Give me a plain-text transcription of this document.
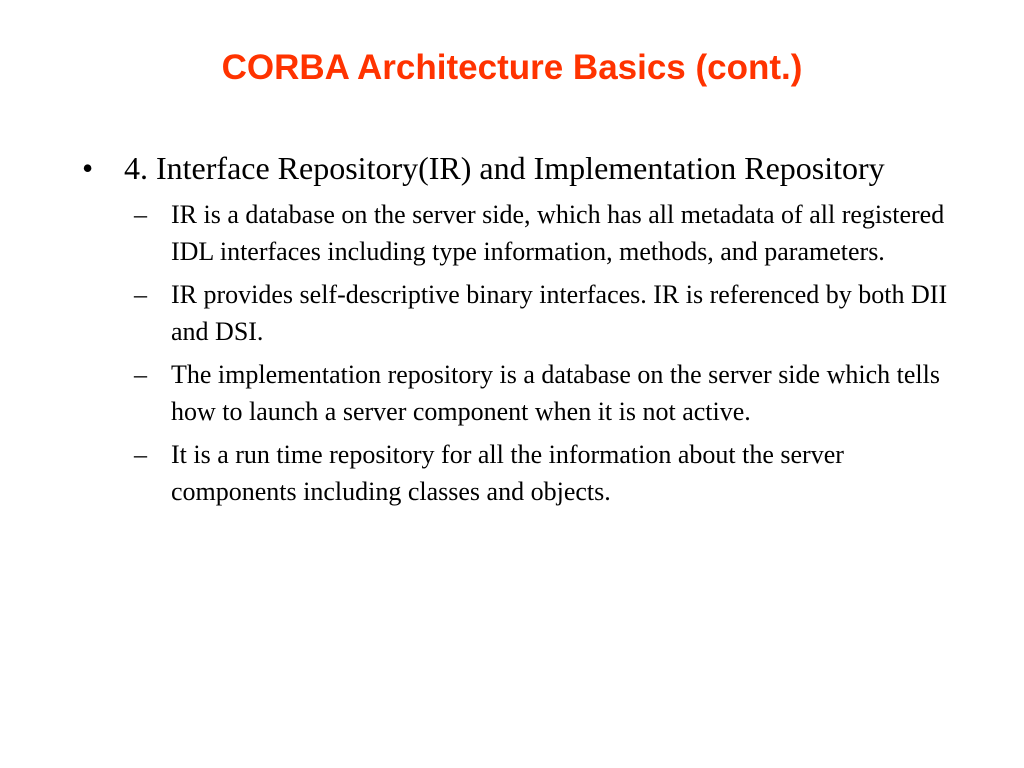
CORBA Architecture Basics (cont.)
• 4. Interface Repository(IR) and Implementation Repository
– IR is a database on the server side, which has all metadata of all registered IDL interfaces including type information, methods, and parameters.
– IR provides self-descriptive binary interfaces. IR is referenced by both DII and DSI.
– The implementation repository is a database on the server side which tells how to launch a server component when it is not active.
– It is a run time repository for all the information about the server components including classes and objects.
